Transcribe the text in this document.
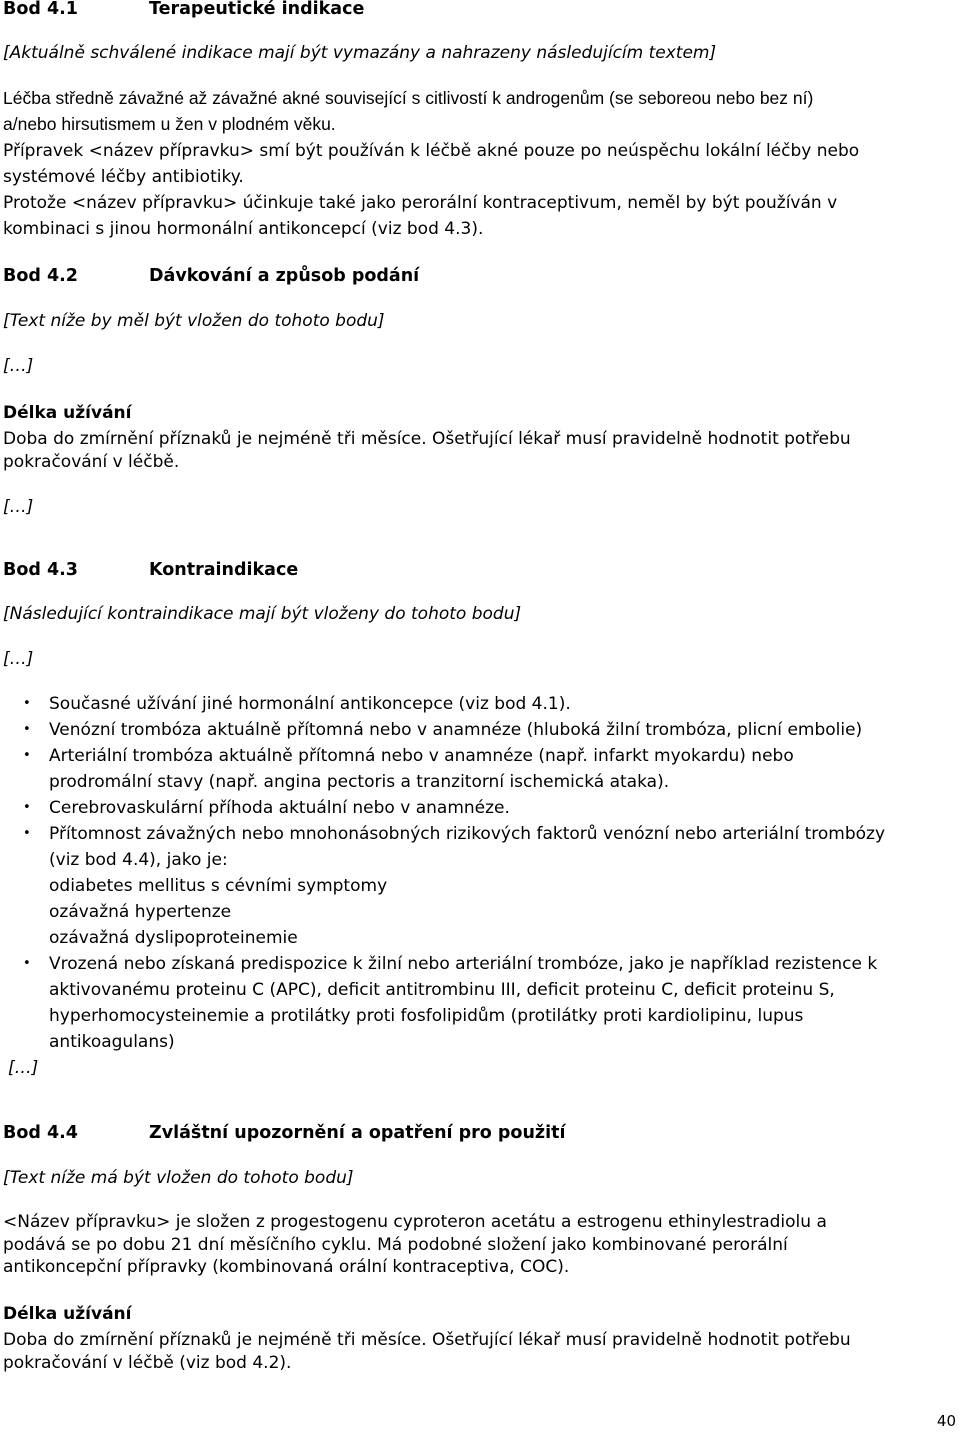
Bod 4.1	Terapeutické indikace
[Aktuálně schválené indikace mají být vymazány a nahrazeny následujícím textem]
Léčba středně závažné až závažné akné související s citlivostí k androgenům (se seboreou nebo bez ní)
a/nebo hirsutismem u žen v plodném věku.
Přípravek <název přípravku> smí být používán k léčbě akné pouze po neúspěchu lokální léčby nebo
systémové léčby antibiotiky.
Protože <název přípravku> účinkuje také jako perorální kontraceptivum, neměl by být používán v
kombinaci s jinou hormonální antikoncepcí (viz bod 4.3).
Bod 4.2	Dávkování a způsob podání
[Text níže by měl být vložen do tohoto bodu]
[…]
Délka užívání
Doba do zmírnění příznaků je nejméně tři měsíce. Ošetřující lékař musí pravidelně hodnotit potřebu
pokračování v léčbě.
[…]
Bod 4.3	Kontraindikace
[Následující kontraindikace mají být vloženy do tohoto bodu]
[…]
• Současné užívání jiné hormonální antikoncepce (viz bod 4.1).
• Venózní trombóza aktuálně přítomná nebo v anamnéze (hluboká žilní trombóza, plicní embolie)
• Arteriální trombóza aktuálně přítomná nebo v anamnéze (např. infarkt myokardu) nebo
prodromální stavy (např. angina pectoris a tranzitorní ischemická ataka).
• Cerebrovaskulární příhoda aktuální nebo v anamnéze.
• Přítomnost závažných nebo mnohonásobných rizikových faktorů venózní nebo arteriální trombózy
(viz bod 4.4), jako je:
odiabetes mellitus s cévními symptomy
ozávažná hypertenze
ozávažná dyslipoproteinemie
• Vrozená nebo získaná predispozice k žilní nebo arteriální trombóze, jako je například rezistence k
aktivovanému proteinu C (APC), deficit antitrombinu III, deficit proteinu C, deficit proteinu S,
hyperhomocysteinemie a protilátky proti fosfolipidům (protilátky proti kardiolipinu, lupus
antikoagulans)
[…]
Bod 4.4	Zvláštní upozornění a opatření pro použití
[Text níže má být vložen do tohoto bodu]
<Název přípravku> je složen z progestogenu cyproteron acetátu a estrogenu ethinylestradiolu a
podává se po dobu 21 dní měsíčního cyklu. Má podobné složení jako kombinované perorální
antikoncepční přípravky (kombinovaná orální kontraceptiva, COC).
Délka užívání
Doba do zmírnění příznaků je nejméně tři měsíce. Ošetřující lékař musí pravidelně hodnotit potřebu
pokračování v léčbě (viz bod 4.2).
40
